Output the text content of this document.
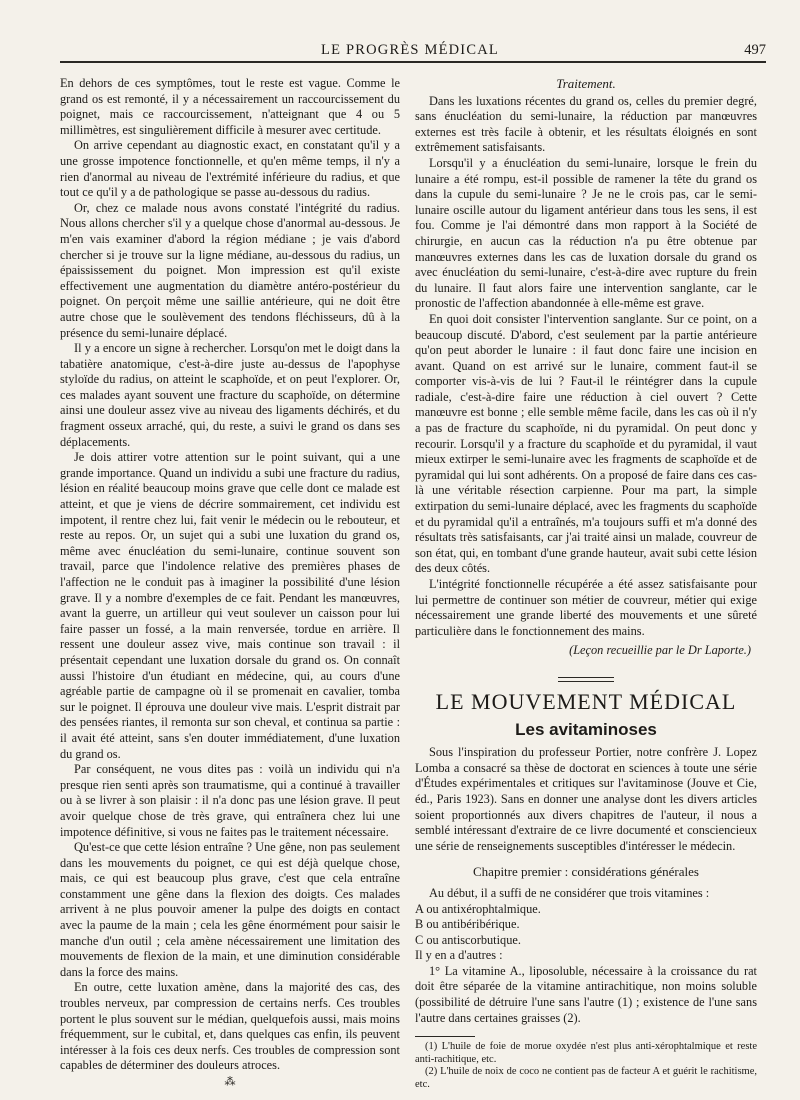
LE PROGRÈS MÉDICAL	497

En dehors de ces symptômes, tout le reste est vague. Comme le grand os est remonté, il y a nécessairement un raccourcissement du poignet, mais ce raccourcissement, n'atteignant que 4 ou 5 millimètres, est singulièrement difficile à mesurer avec certitude.

On arrive cependant au diagnostic exact, en constatant qu'il y a une grosse impotence fonctionnelle, et qu'en même temps, il n'y a rien d'anormal au niveau de l'extrémité inférieure du radius, et que tout ce qu'il y a de pathologique se passe au-dessous du radius.

Or, chez ce malade nous avons constaté l'intégrité du radius. Nous allons chercher s'il y a quelque chose d'anormal au-dessous. Je m'en vais examiner d'abord la région médiane ; je vais d'abord chercher si je trouve sur la ligne médiane, au-dessous du radius, un épaississement du poignet. Mon impression est qu'il existe effectivement une augmentation du diamètre antéro-postérieur du poignet. On perçoit même une saillie antérieure, qui ne doit être autre chose que le soulèvement des tendons fléchisseurs, dû à la présence du semi-lunaire déplacé.

Il y a encore un signe à rechercher. Lorsqu'on met le doigt dans la tabatière anatomique, c'est-à-dire juste au-dessus de l'apophyse styloïde du radius, on atteint le scaphoïde, et on peut l'explorer. Or, ces malades ayant souvent une fracture du scaphoïde, on détermine ainsi une douleur assez vive au niveau des ligaments déchirés, et du fragment osseux arraché, qui, du reste, a suivi le grand os dans ses déplacements.

Je dois attirer votre attention sur le point suivant, qui a une grande importance. Quand un individu a subi une fracture du radius, lésion en réalité beaucoup moins grave que celle dont ce malade est atteint, et que je viens de décrire sommairement, cet individu est impotent, il rentre chez lui, fait venir le médecin ou le rebouteur, et reste au repos. Or, un sujet qui a subi une luxation du grand os, même avec énucléation du semi-lunaire, continue souvent son travail, parce que l'indolence relative des premières phases de l'affection ne le conduit pas à imaginer la possibilité d'une lésion grave. Il y a nombre d'exemples de ce fait. Pendant les manœuvres, avant la guerre, un artilleur qui veut soulever un caisson pour lui faire passer un fossé, a la main renversée, tordue en arrière. Il ressent une douleur assez vive, mais continue son travail : il présentait cependant une luxation dorsale du grand os. On connaît aussi l'histoire d'un étudiant en médecine, qui, au cours d'une agréable partie de campagne où il se promenait en cavalier, tomba sur le poignet. Il éprouva une douleur vive mais. L'esprit distrait par des pensées riantes, il remonta sur son cheval, et continua sa partie : il avait été atteint, sans s'en douter immédiatement, d'une luxation du grand os.

Par conséquent, ne vous dites pas : voilà un individu qui n'a presque rien senti après son traumatisme, qui a continué à travailler ou à se livrer à son plaisir : il n'a donc pas une lésion grave. Il peut avoir quelque chose de très grave, qui entraînera chez lui une impotence définitive, si vous ne faites pas le traitement nécessaire.

Qu'est-ce que cette lésion entraîne ? Une gêne, non pas seulement dans les mouvements du poignet, ce qui est déjà quelque chose, mais, ce qui est beaucoup plus grave, c'est que cela entraîne constamment une gêne dans la flexion des doigts. Ces malades arrivent à ne plus pouvoir amener la pulpe des doigts en contact avec la paume de la main ; cela les gêne énormément pour saisir le manche d'un outil ; cela amène nécessairement une limitation des mouvements de flexion de la main, et une diminution considérable dans la force des mains.

En outre, cette luxation amène, dans la majorité des cas, des troubles nerveux, par compression de certains nerfs. Ces troubles portent le plus souvent sur le médian, quelquefois aussi, mais moins fréquemment, sur le cubital, et, dans quelques cas enfin, ils peuvent intéresser à la fois ces deux nerfs. Ces troubles de compression sont capables de déterminer des douleurs atroces.

⁂
Traitement.

Dans les luxations récentes du grand os, celles du premier degré, sans énucléation du semi-lunaire, la réduction par manœuvres externes est très facile à obtenir, et les résultats éloignés en sont extrêmement satisfaisants.

Lorsqu'il y a énucléation du semi-lunaire, lorsque le frein du lunaire a été rompu, est-il possible de ramener la tête du grand os dans la cupule du semi-lunaire ? Je ne le crois pas, car le semi-lunaire oscille autour du ligament antérieur dans tous les sens, il est fou. Comme je l'ai démontré dans mon rapport à la Société de chirurgie, en aucun cas la réduction n'a pu être obtenue par manœuvres externes dans les cas de luxation dorsale du grand os avec énucléation du semi-lunaire, c'est-à-dire avec rupture du frein du lunaire. Il faut alors faire une intervention sanglante, car le pronostic de l'affection abandonnée à elle-même est grave.

En quoi doit consister l'intervention sanglante. Sur ce point, on a beaucoup discuté. D'abord, c'est seulement par la partie antérieure qu'on peut aborder le lunaire : il faut donc faire une incision en avant. Quand on est arrivé sur le lunaire, comment faut-il se comporter vis-à-vis de lui ? Faut-il le réintégrer dans la cupule radiale, c'est-à-dire faire une réduction à ciel ouvert ? Cette manœuvre est bonne ; elle semble même facile, dans les cas où il n'y a pas de fracture du scaphoïde, ni du pyramidal. On peut donc y recourir. Lorsqu'il y a fracture du scaphoïde et du pyramidal, il vaut mieux extirper le semi-lunaire avec les fragments de scaphoïde et de pyramidal qui lui sont adhérents. On a proposé de faire dans ces cas-là une véritable résection carpienne. Pour ma part, la simple extirpation du semi-lunaire déplacé, avec les fragments du scaphoïde et du pyramidal qu'il a entraînés, m'a toujours suffi et m'a donné des résultats très satisfaisants, car j'ai traité ainsi un malade, couvreur de son état, qui, en tombant d'une grande hauteur, avait subi cette lésion des deux côtés.

L'intégrité fonctionnelle récupérée a été assez satisfaisante pour lui permettre de continuer son métier de couvreur, métier qui exige nécessairement une grande liberté des mouvements et une sûreté particulière dans le fonctionnement des mains.

(Leçon recueillie par le Dr Laporte.)
LE MOUVEMENT MÉDICAL
Les avitaminoses

Sous l'inspiration du professeur Portier, notre confrère J. Lopez Lomba a consacré sa thèse de doctorat en sciences à toute une série d'Études expérimentales et critiques sur l'avitaminose (Jouve et Cie, éd., Paris 1923). Sans en donner une analyse dont les divers articles soient proportionnés aux divers chapitres de l'auteur, il nous a semblé intéressant d'extraire de ce livre documenté et consciencieux une série de renseignements susceptibles d'intéresser le médecin.

Chapitre premier : considérations générales

Au début, il a suffi de ne considérer que trois vitamines :

A ou antixérophtalmique.

B ou antibéribérique.

C ou antiscorbutique.

Il y en a d'autres :

1° La vitamine A., liposoluble, nécessaire à la croissance du rat doit être séparée de la vitamine antirachitique, non moins soluble (possibilité de détruire l'une sans l'autre (1) ; existence de l'une sans l'autre dans certaines graisses (2).

(1) L'huile de foie de morue oxydée n'est plus anti-xérophtalmique et reste anti-rachitique, etc.

(2) L'huile de noix de coco ne contient pas de facteur A et guérit le rachitisme, etc.
